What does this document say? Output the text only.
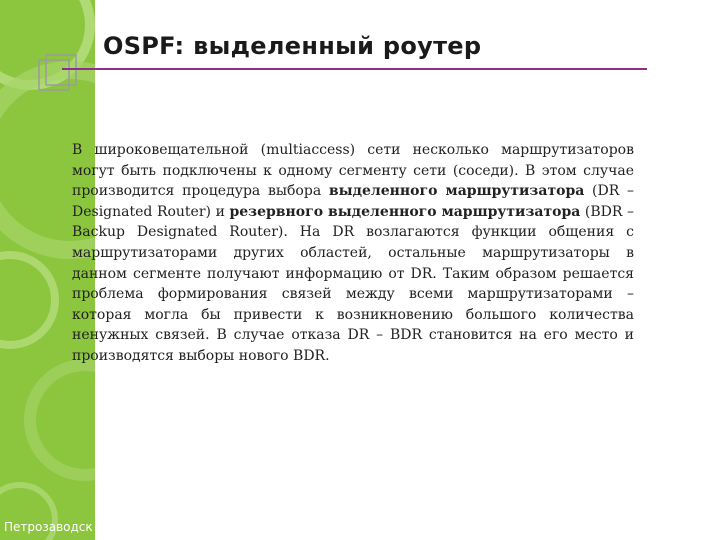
Петрозаводск
OSPF: выделенный роутер
В широковещательной (multiaccess) сети несколько маршрутизаторов могут быть подключены к одному сегменту сети (соседи). В этом случае производится процедура выбора выделенного маршрутизатора (DR – Designated Router) и резервного выделенного маршрутизатора (BDR – Backup Designated Router). На DR возлагаются функции общения с маршрутизаторами других областей, остальные маршрутизаторы в данном сегменте получают информацию от DR. Таким образом решается проблема формирования связей между всеми маршрутизаторами – которая могла бы привести к возникновению большого количества ненужных связей. В случае отказа DR – BDR становится на его место и производятся выборы нового BDR.
